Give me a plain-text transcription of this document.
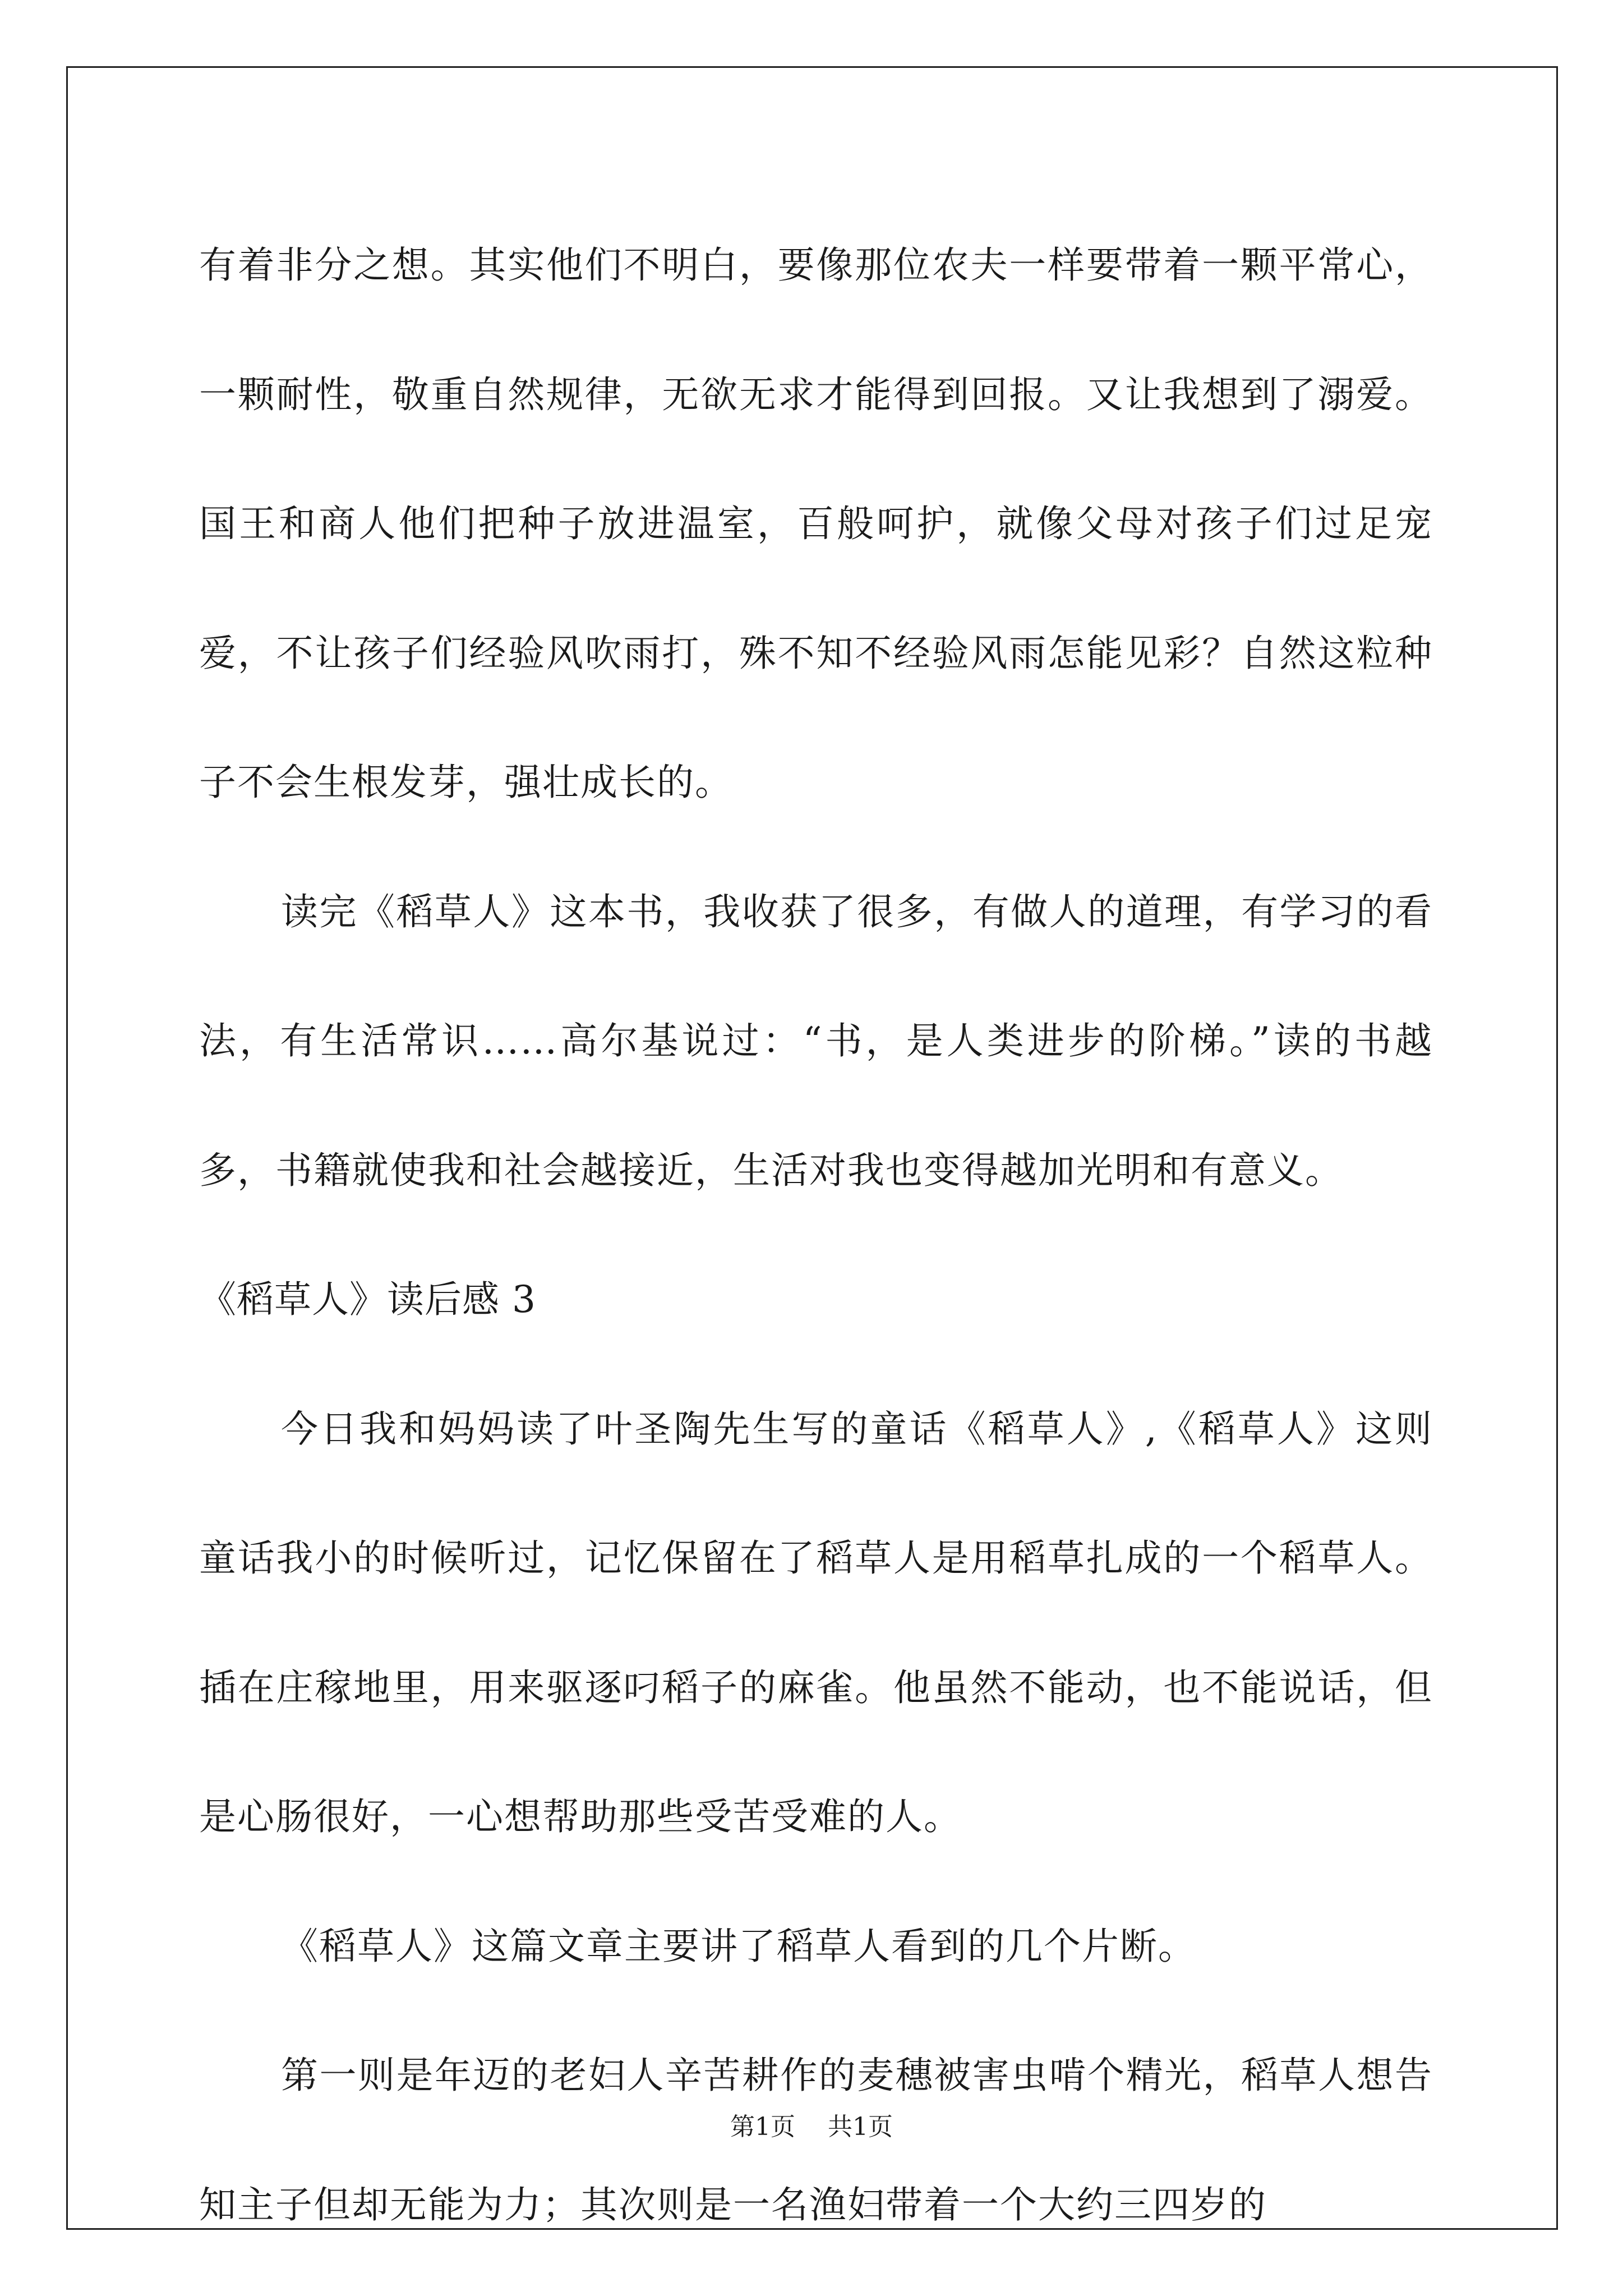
有着非分之想。其实他们不明白，要像那位农夫一样要带着一颗平常心，一颗耐性，敬重自然规律，无欲无求才能得到回报。又让我想到了溺爱。国王和商人他们把种子放进温室，百般呵护，就像父母对孩子们过足宠爱，不让孩子们经验风吹雨打，殊不知不经验风雨怎能见彩？自然这粒种子不会生根发芽，强壮成长的。

读完《稻草人》这本书，我收获了很多，有做人的道理，有学习的看法，有生活常识……高尔基说过：“书，是人类进步的阶梯。”读的书越多，书籍就使我和社会越接近，生活对我也变得越加光明和有意义。

《稻草人》读后感 3

今日我和妈妈读了叶圣陶先生写的童话《稻草人》,《稻草人》这则童话我小的时候听过，记忆保留在了稻草人是用稻草扎成的一个稻草人。插在庄稼地里，用来驱逐叼稻子的麻雀。他虽然不能动，也不能说话，但是心肠很好，一心想帮助那些受苦受难的人。

《稻草人》这篇文章主要讲了稻草人看到的几个片断。

第一则是年迈的老妇人辛苦耕作的麦穗被害虫啃个精光，稻草人想告知主子但却无能为力；其次则是一名渔妇带着一个大约三四岁的

第1页 共1页
